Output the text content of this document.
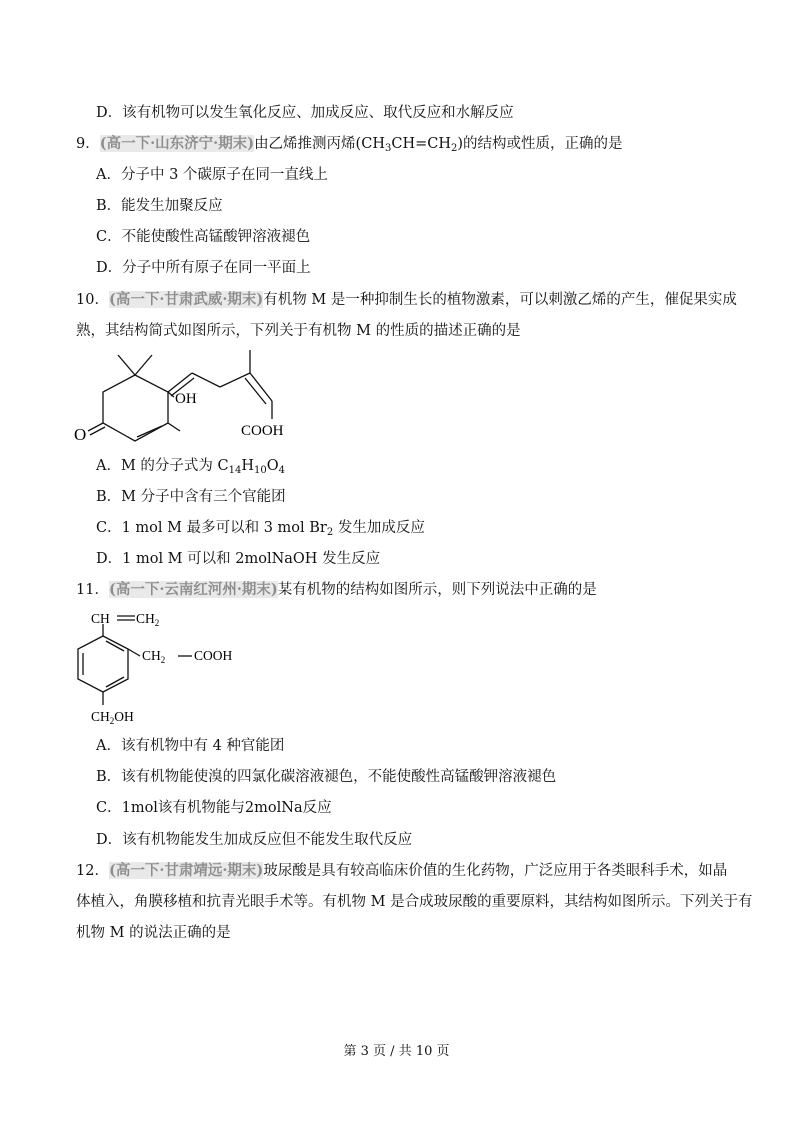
D．该有机物可以发生氧化反应、加成反应、取代反应和水解反应
9．(高一下·山东济宁·期末)由乙烯推测丙烯$(CH_3CH=CH_2)$的结构或性质，正确的是
A．分子中 3 个碳原子在同一直线上
B．能发生加聚反应
C．不能使酸性高锰酸钾溶液褪色
D．分子中所有原子在同一平面上
10．(高一下·甘肃武威·期末)有机物 M 是一种抑制生长的植物激素，可以刺激乙烯的产生，催促果实成
熟，其结构简式如图所示，下列关于有机物 M 的性质的描述正确的是
OH
O	COOH
A．M 的分子式为 $C_{14}H_{10}O_4$
B．M 分子中含有三个官能团
C．1 mol M 最多可以和 3 mol $Br_2$ 发生加成反应
D．1 mol M 可以和 2molNaOH 发生反应
11．(高一下·云南红河州·期末)某有机物的结构如图所示，则下列说法中正确的是
CH $CH_2$
$CH_2$ COOH
$CH_2OH$
A．该有机物中有 4 种官能团
B．该有机物能使溴的四氯化碳溶液褪色，不能使酸性高锰酸钾溶液褪色
C．1mol该有机物能与2molNa反应
D．该有机物能发生加成反应但不能发生取代反应
12．(高一下·甘肃靖远·期末)玻尿酸是具有较高临床价值的生化药物，广泛应用于各类眼科手术，如晶
体植入，角膜移植和抗青光眼手术等。有机物 M 是合成玻尿酸的重要原料，其结构如图所示。下列关于有
机物 M 的说法正确的是
第 3 页 / 共 10 页
